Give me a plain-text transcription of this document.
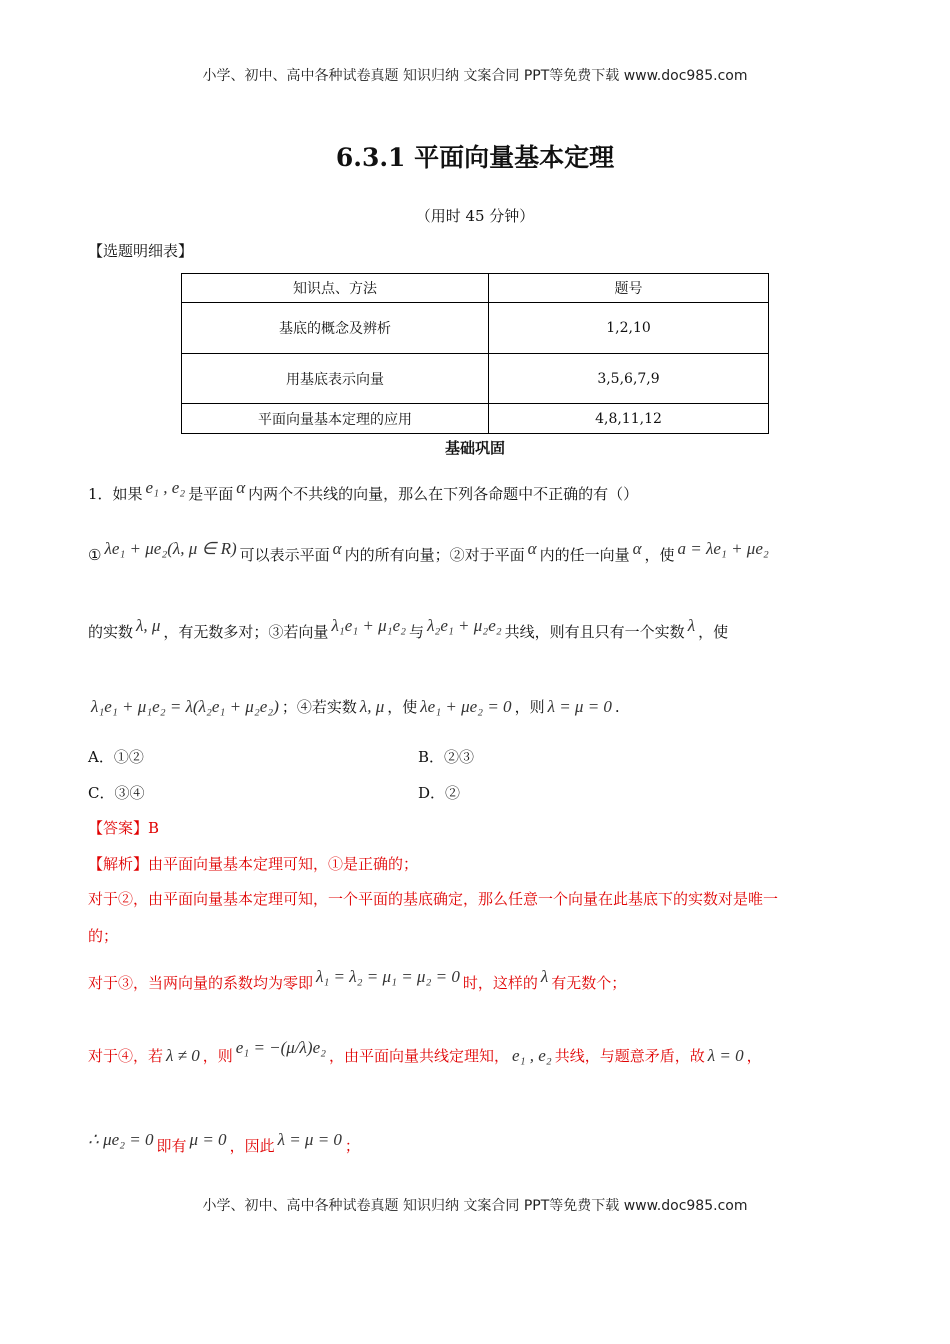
小学、初中、高中各种试卷真题 知识归纳 文案合同 PPT等免费下载 www.doc985.com
6.3.1 平面向量基本定理
（用时 45 分钟）
【选题明细表】
知识点、方法	题号
基底的概念及辨析	1,2,10
用基底表示向量	3,5,6,7,9
平面向量基本定理的应用	4,8,11,12
基础巩固
1．如果 e₁ , e₂ 是平面 α 内两个不共线的向量，那么在下列各命题中不正确的有（）
① λe₁ + μe₂(λ, μ ∈ R) 可以表示平面 α 内的所有向量；②对于平面 α 内的任一向量 α ，使 a = λe₁ + μe₂
的实数 λ, μ ，有无数多对；③若向量 λ₁e₁ + μ₁e₂ 与 λ₂e₁ + μ₂e₂ 共线，则有且只有一个实数 λ ，使
λ₁e₁ + μ₁e₂ = λ(λ₂e₁ + μ₂e₂) ；④若实数 λ, μ ，使 λe₁ + μe₂ = 0 ，则 λ = μ = 0 .
A．①②	B．②③
C．③④	D．②
【答案】B
【解析】由平面向量基本定理可知，①是正确的；
对于②，由平面向量基本定理可知，一个平面的基底确定，那么任意一个向量在此基底下的实数对是唯一
的；
对于③，当两向量的系数均为零即 λ₁ = λ₂ = μ₁ = μ₂ = 0 时，这样的 λ 有无数个；
对于④，若 λ ≠ 0 ，则 e₁ = −(μ/λ)e₂ ，由平面向量共线定理知， e₁ , e₂ 共线，与题意矛盾，故 λ = 0 ，
∴ μe₂ = 0 即有 μ = 0 ，因此 λ = μ = 0 ；
小学、初中、高中各种试卷真题 知识归纳 文案合同 PPT等免费下载 www.doc985.com
